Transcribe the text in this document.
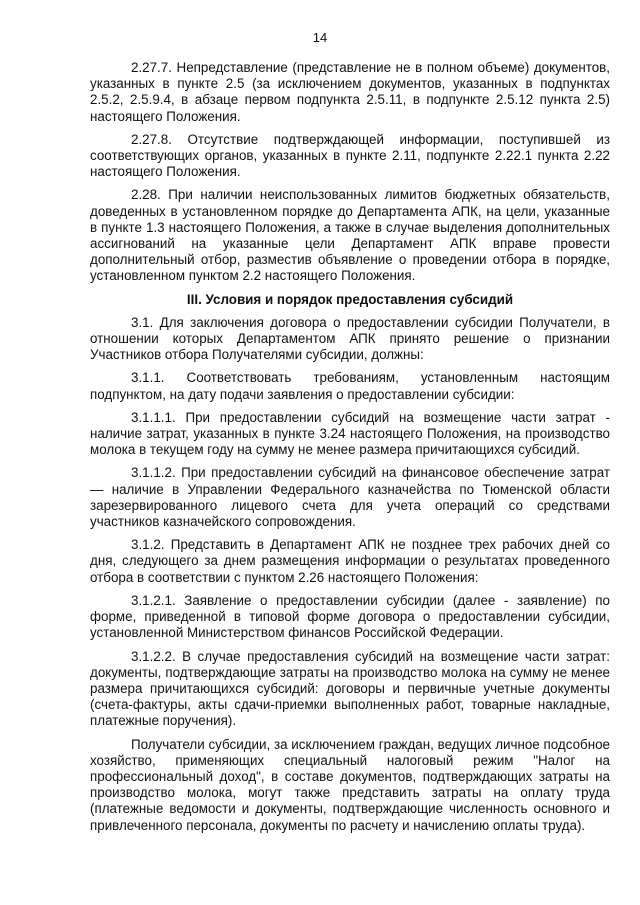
14

2.27.7. Непредставление (представление не в полном объеме) документов, указанных в пункте 2.5 (за исключением документов, указанных в подпунктах 2.5.2, 2.5.9.4, в абзаце первом подпункта 2.5.11, в подпункте 2.5.12 пункта 2.5) настоящего Положения.

2.27.8. Отсутствие подтверждающей информации, поступившей из соответствующих органов, указанных в пункте 2.11, подпункте 2.22.1 пункта 2.22 настоящего Положения.

2.28. При наличии неиспользованных лимитов бюджетных обязательств, доведенных в установленном порядке до Департамента АПК, на цели, указанные в пункте 1.3 настоящего Положения, а также в случае выделения дополнительных ассигнований на указанные цели Департамент АПК вправе провести дополнительный отбор, разместив объявление о проведении отбора в порядке, установленном пунктом 2.2 настоящего Положения.

III. Условия и порядок предоставления субсидий

3.1. Для заключения договора о предоставлении субсидии Получатели, в отношении которых Департаментом АПК принято решение о признании Участников отбора Получателями субсидии, должны:

3.1.1. Соответствовать требованиям, установленным настоящим подпунктом, на дату подачи заявления о предоставлении субсидии:

3.1.1.1. При предоставлении субсидий на возмещение части затрат - наличие затрат, указанных в пункте 3.24 настоящего Положения, на производство молока в текущем году на сумму не менее размера причитающихся субсидий.

3.1.1.2. При предоставлении субсидий на финансовое обеспечение затрат — наличие в Управлении Федерального казначейства по Тюменской области зарезервированного лицевого счета для учета операций со средствами участников казначейского сопровождения.

3.1.2. Представить в Департамент АПК не позднее трех рабочих дней со дня, следующего за днем размещения информации о результатах проведенного отбора в соответствии с пунктом 2.26 настоящего Положения:

3.1.2.1. Заявление о предоставлении субсидии (далее - заявление) по форме, приведенной в типовой форме договора о предоставлении субсидии, установленной Министерством финансов Российской Федерации.

3.1.2.2. В случае предоставления субсидий на возмещение части затрат: документы, подтверждающие затраты на производство молока на сумму не менее размера причитающихся субсидий: договоры и первичные учетные документы (счета-фактуры, акты сдачи-приемки выполненных работ, товарные накладные, платежные поручения).

Получатели субсидии, за исключением граждан, ведущих личное подсобное хозяйство, применяющих специальный налоговый режим "Налог на профессиональный доход", в составе документов, подтверждающих затраты на производство молока, могут также представить затраты на оплату труда (платежные ведомости и документы, подтверждающие численность основного и привлеченного персонала, документы по расчету и начислению оплаты труда).
